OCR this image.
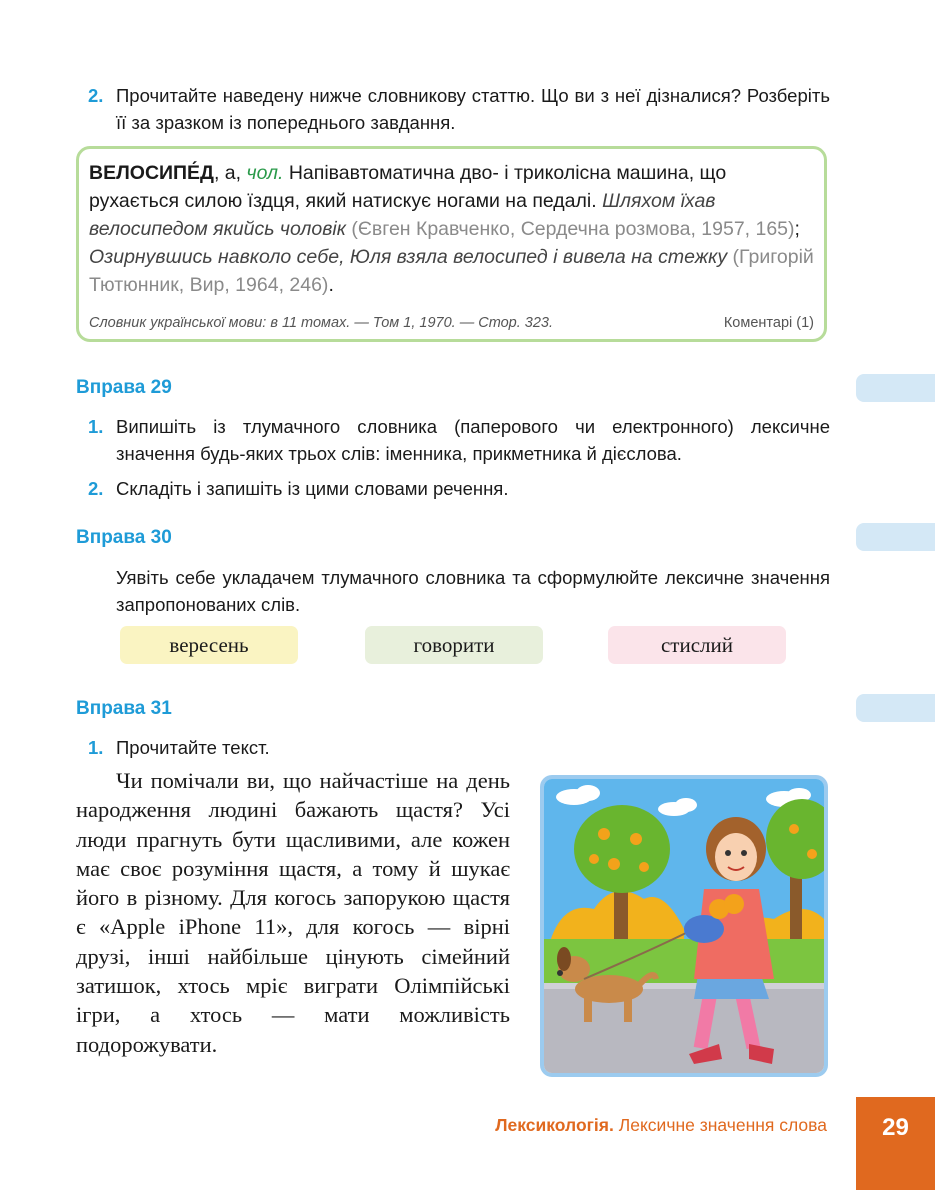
2. Прочитайте наведену нижче словникову статтю. Що ви з неї дізналися? Розберіть її за зразком із попереднього завдання.
ВЕЛОСИПЕ́Д, а, чол. Напівавтоматична дво- і триколісна машина, що рухається силою їздця, який натискує ногами на педалі. Шляхом їхав велосипедом якийсь чоловік (Євген Кравченко, Сердечна розмова, 1957, 165); Озирнувшись навколо себе, Юля взяла велосипед і вивела на стежку (Григорій Тютюнник, Вир, 1964, 246).
Словник української мови: в 11 томах. — Том 1, 1970. — Стор. 323.	Коментарі (1)
Вправа 29
1. Випишіть із тлумачного словника (паперового чи електронного) лексичне значення будь-яких трьох слів: іменника, прикметника й дієслова.
2. Складіть і запишіть із цими словами речення.
Вправа 30
Уявіть себе укладачем тлумачного словника та сформулюйте лексичне значення запропонованих слів.
вересень	говорити	стислий
Вправа 31
1. Прочитайте текст.
Чи помічали ви, що найчастіше на день народження людині бажають щастя? Усі люди прагнуть бути щасливими, але кожен має своє розуміння щастя, а тому й шукає його в різному. Для когось запорукою щастя є «Apple iPhone 11», для когось — вірні друзі, інші найбільше цінують сімейний затишок, хтось мріє виграти Олімпійські ігри, а хтось — мати можливість подорожувати.
Лексикологія. Лексичне значення слова	29
